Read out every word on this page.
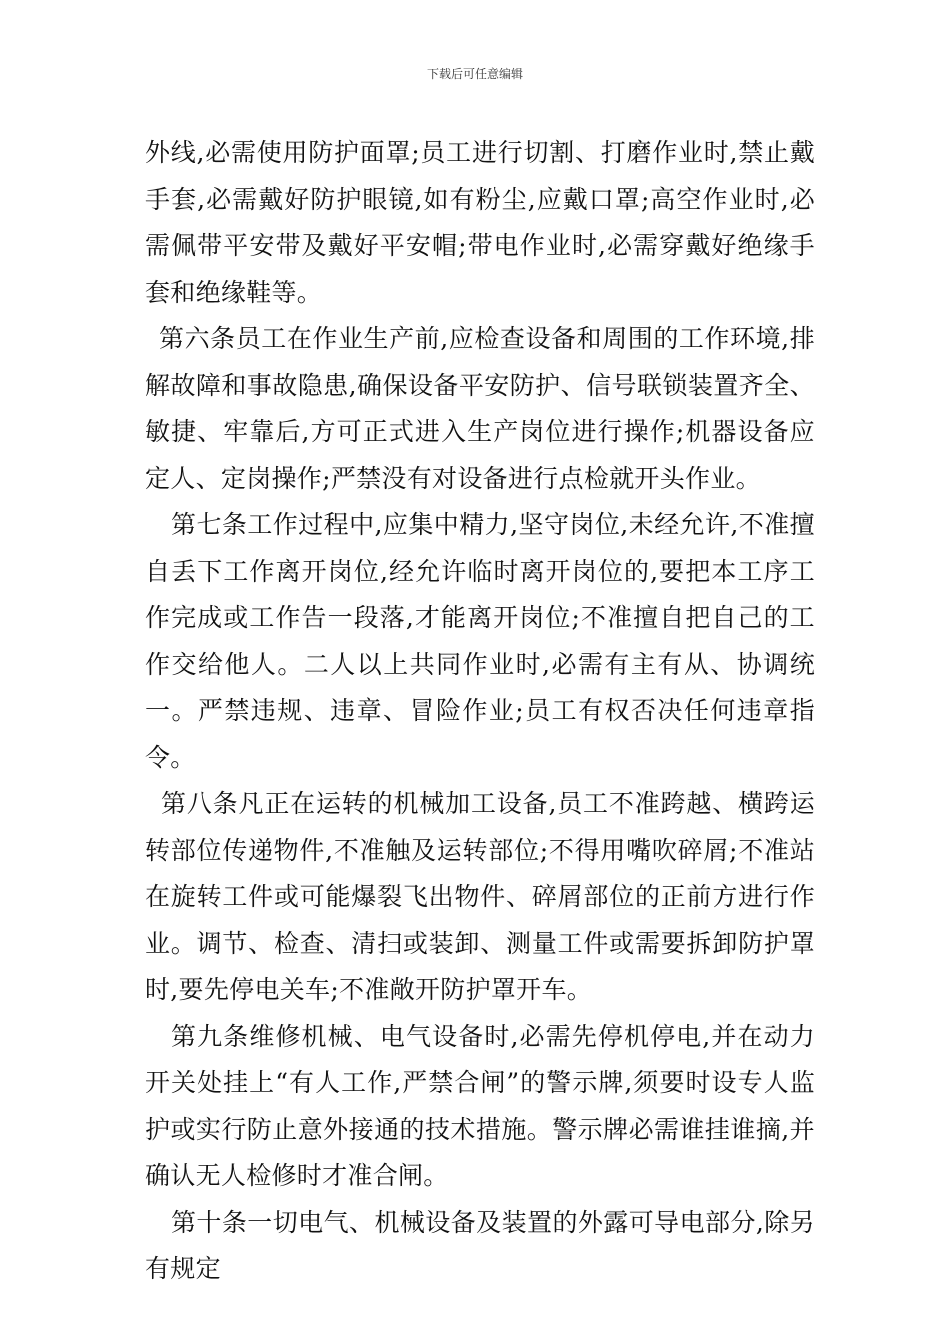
下载后可任意编辑

外线,必需使用防护面罩;员工进行切割、打磨作业时,禁止戴手套,必需戴好防护眼镜,如有粉尘,应戴口罩;高空作业时,必需佩带平安带及戴好平安帽;带电作业时,必需穿戴好绝缘手套和绝缘鞋等。

第六条员工在作业生产前,应检查设备和周围的工作环境,排解故障和事故隐患,确保设备平安防护、信号联锁装置齐全、敏捷、牢靠后,方可正式进入生产岗位进行操作;机器设备应定人、定岗操作;严禁没有对设备进行点检就开头作业。

第七条工作过程中,应集中精力,坚守岗位,未经允许,不准擅自丢下工作离开岗位,经允许临时离开岗位的,要把本工序工作完成或工作告一段落,才能离开岗位;不准擅自把自己的工作交给他人。二人以上共同作业时,必需有主有从、协调统一。严禁违规、违章、冒险作业;员工有权否决任何违章指令。

第八条凡正在运转的机械加工设备,员工不准跨越、横跨运转部位传递物件,不准触及运转部位;不得用嘴吹碎屑;不准站在旋转工件或可能爆裂飞出物件、碎屑部位的正前方进行作业。调节、检查、清扫或装卸、测量工件或需要拆卸防护罩时,要先停电关车;不准敞开防护罩开车。

第九条维修机械、电气设备时,必需先停机停电,并在动力开关处挂上“有人工作,严禁合闸”的警示牌,须要时设专人监护或实行防止意外接通的技术措施。警示牌必需谁挂谁摘,并确认无人检修时才准合闸。

第十条一切电气、机械设备及装置的外露可导电部分,除另有规定
